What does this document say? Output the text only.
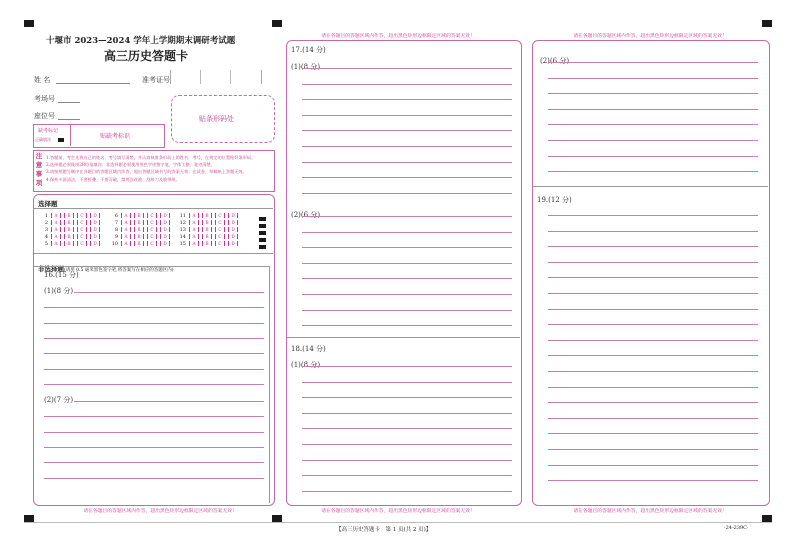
十堰市 2023—2024 学年上学期期末调研考试题
高三历史答题卡
姓 名	准考证号
考场号
座位号	贴条形码处
缺考标记
正确填涂	贴缺考标识
注
意
事
项
1.答题前，考生先将自己的姓名、考号填写清楚，并认真核准条形码上的姓名、考号，在规定的位置贴好条形码。
2.选择题必须使用2B铅笔填涂；非选择题必须使用黑色字迹签字笔，字体工整、笔迹清楚。
3.请按照题号顺序在各题目的答题区域内作答，超出答题区域书写的答案无效；在试卷、草稿纸上答题无效。
4.保持卡面清洁，不要折叠、不要弄破，禁用涂改液、刮纸刀及胶带纸。
选择题
1 A B C D
2 A B C D
3 A B C D
4 A B C D
5 A B C D
6 A B C D
7 A B C D
8 A B C D
9 A B C D
10 A B C D
11 A B C D
12 A B C D
13 A B C D
14 A B C D
15 A B C D

非选择题(请用 0.5 毫米黑色签字笔,将答案写在相应的答题区内)
16.(15 分)
(1)(8 分)
(2)(7 分)
请在各题目的答题区域内作答，超出黑色矩形边框限定区域的答案无效！
请在各题目的答题区域内作答，超出黑色矩形边框限定区域的答案无效！
17.(14 分)
(1)(8 分)
(2)(6 分)
18.(14 分)
(1)(8 分)
请在各题目的答题区域内作答，超出黑色矩形边框限定区域的答案无效！
请在各题目的答题区域内作答，超出黑色矩形边框限定区域的答案无效！
(2)(6 分)
19.(12 分)
请在各题目的答题区域内作答，超出黑色矩形边框限定区域的答案无效！
【高三历史答题卡　第 1 页(共 2 页)】	·24-239C·
